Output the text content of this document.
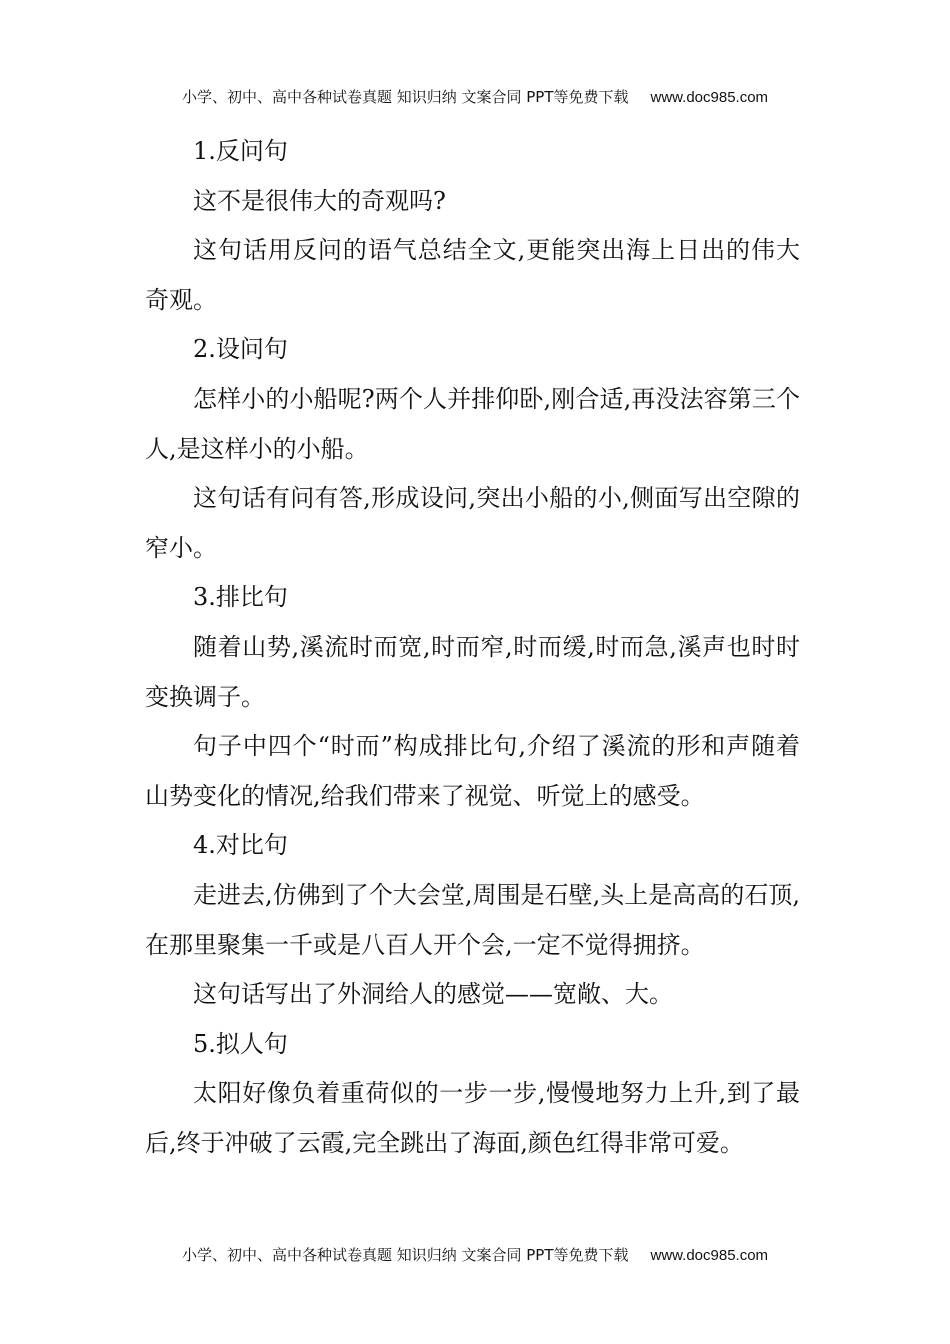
小学、初中、高中各种试卷真题 知识归纳 文案合同 PPT等免费下载 www.doc985.com

1.反问句

这不是很伟大的奇观吗?

这句话用反问的语气总结全文,更能突出海上日出的伟大奇观。

2.设问句

怎样小的小船呢?两个人并排仰卧,刚合适,再没法容第三个人,是这样小的小船。

这句话有问有答,形成设问,突出小船的小,侧面写出空隙的窄小。

3.排比句

随着山势,溪流时而宽,时而窄,时而缓,时而急,溪声也时时变换调子。

句子中四个“时而”构成排比句,介绍了溪流的形和声随着山势变化的情况,给我们带来了视觉、听觉上的感受。

4.对比句

走进去,仿佛到了个大会堂,周围是石壁,头上是高高的石顶,在那里聚集一千或是八百人开个会,一定不觉得拥挤。

这句话写出了外洞给人的感觉——宽敞、大。

5.拟人句

太阳好像负着重荷似的一步一步,慢慢地努力上升,到了最后,终于冲破了云霞,完全跳出了海面,颜色红得非常可爱。

小学、初中、高中各种试卷真题 知识归纳 文案合同 PPT等免费下载 www.doc985.com
